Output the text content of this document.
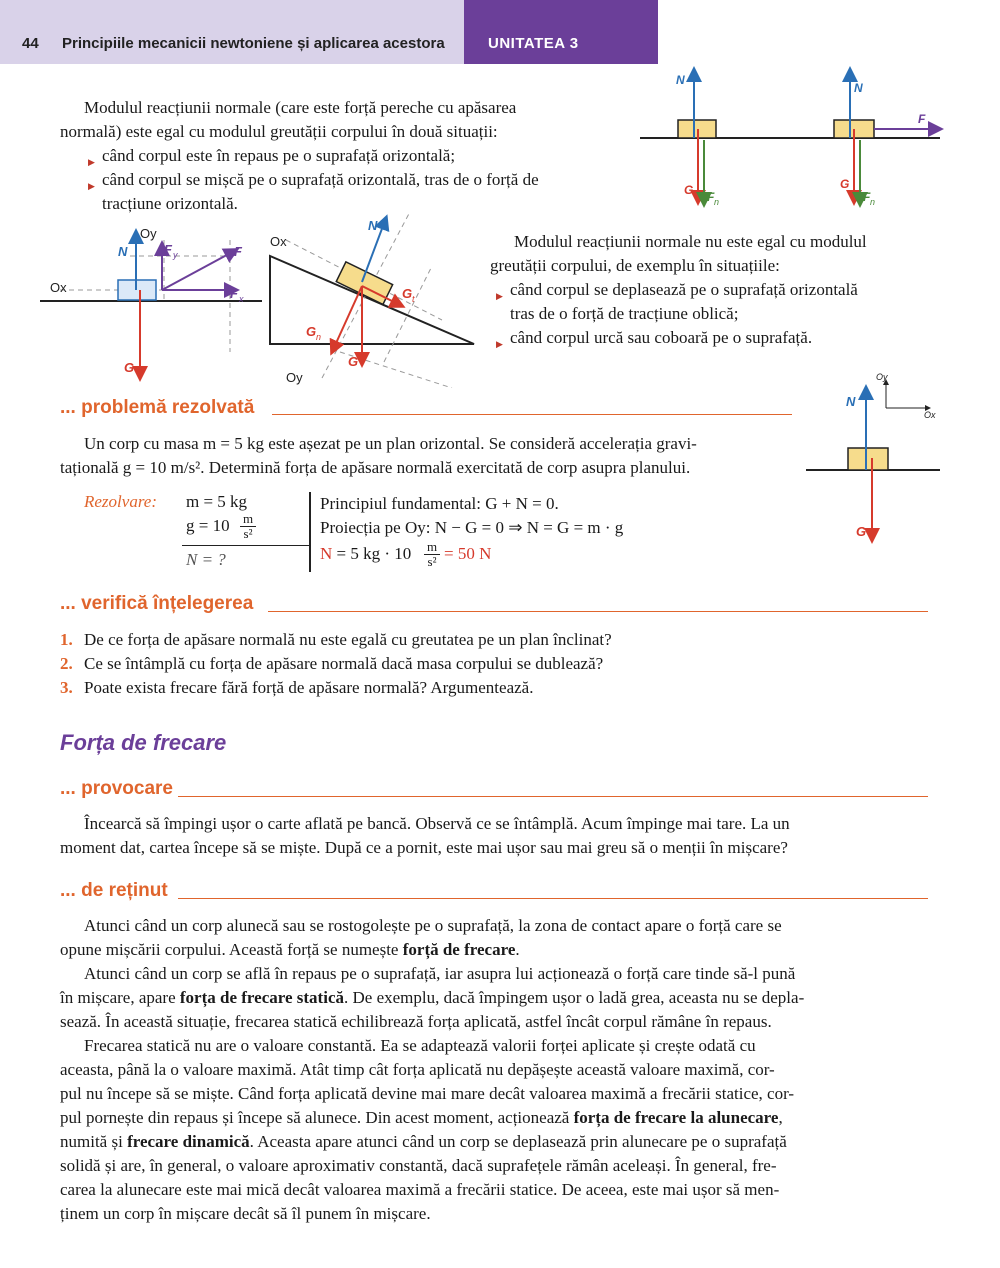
44 Principiile mecanicii newtoniene și aplicarea acestora	UNITATEA 3
Modulul reacțiunii normale (care este forță pereche cu apăsarea
normală) este egal cu modulul greutății corpului în două situații:
▶ când corpul este în repaus pe o suprafață orizontală;
▶ când corpul se mișcă pe o suprafață orizontală, tras de o forță de
tracțiune orizontală.
N
G F n
N
G
F n
F
Oy
Ox
N
G
F y	F
F x
N
Ox
Oy
G t
G n
G
Modulul reacțiunii normale nu este egal cu modulul
greutății corpului, de exemplu în situațiile:
▶ când corpul se deplasează pe o suprafață orizontală
tras de o forță de tracțiune oblică;
▶ când corpul urcă sau coboară pe o suprafață.
Oy
Ox
N
G
... problemă rezolvată
Un corp cu masa m = 5 kg este așezat pe un plan orizontal. Se consideră accelerația gravi-
tațională g = 10 m/s². Determină forța de apăsare normală exercitată de corp asupra planului.
Rezolvare: m = 5 kg
$g = 10 \frac{m}{\text{s²}}$
N = ?
Principiul fundamental: G + N = 0.
Proiecția pe Oy: N − G = 0 ⇒ N = G = m · g
N = 5 kg · $10 \frac{m}{\text{s²}} = 50$ N
... verifică înțelegerea
1. De ce forța de apăsare normală nu este egală cu greutatea pe un plan înclinat?
2. Ce se întâmplă cu forța de apăsare normală dacă masa corpului se dublează?
3. Poate exista frecare fără forță de apăsare normală? Argumentează.
Forța de frecare
... provocare
Încearcă să împingi ușor o carte aflată pe bancă. Observă ce se întâmplă. Acum împinge mai tare. La un
moment dat, cartea începe să se miște. După ce a pornit, este mai ușor sau mai greu să o menții în mișcare?
... de reținut
Atunci când un corp alunecă sau se rostogolește pe o suprafață, la zona de contact apare o forță care se
opune mișcării corpului. Această forță se numește forță de frecare.
Atunci când un corp se află în repaus pe o suprafață, iar asupra lui acționează o forță care tinde să-l pună
în mișcare, apare forța de frecare statică. De exemplu, dacă împingem ușor o ladă grea, aceasta nu se depla-
sează. În această situație, frecarea statică echilibrează forța aplicată, astfel încât corpul rămâne în repaus.
Frecarea statică nu are o valoare constantă. Ea se adaptează valorii forței aplicate și crește odată cu
aceasta, până la o valoare maximă. Atât timp cât forța aplicată nu depășește această valoare maximă, cor-
pul nu începe să se miște. Când forța aplicată devine mai mare decât valoarea maximă a frecării statice, cor-
pul pornește din repaus și începe să alunece. Din acest moment, acționează forța de frecare la alunecare,
numită și frecare dinamică. Aceasta apare atunci când un corp se deplasează prin alunecare pe o suprafață
solidă și are, în general, o valoare aproximativ constantă, dacă suprafețele rămân aceleași. În general, fre-
carea la alunecare este mai mică decât valoarea maximă a frecării statice. De aceea, este mai ușor să men-
ținem un corp în mișcare decât să îl punem în mișcare.
